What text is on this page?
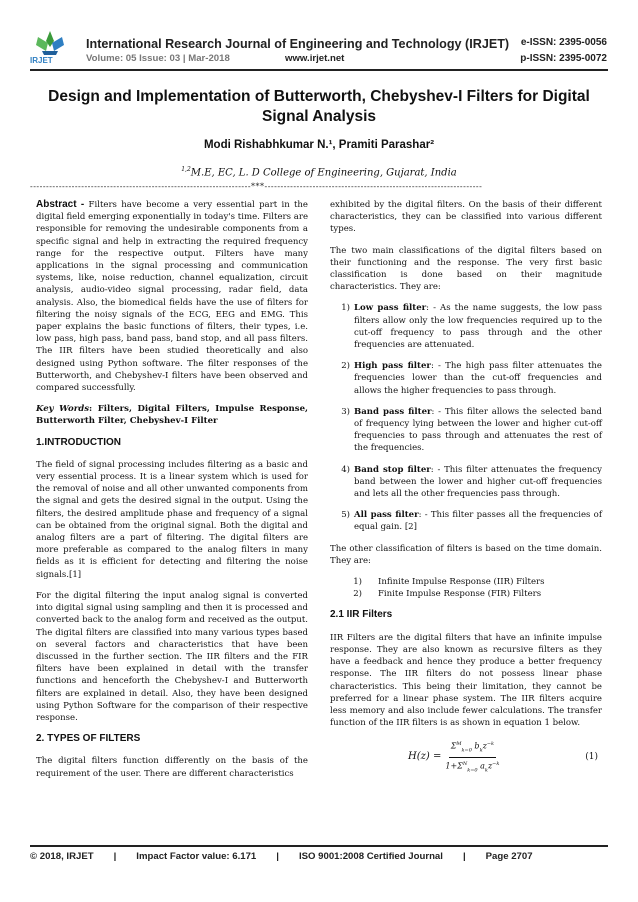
IRJET
International Research Journal of Engineering and Technology (IRJET)
Volume: 05 Issue: 03 | Mar-2018	www.irjet.net
e-ISSN: 2395-0056
p-ISSN: 2395-0072
Design and Implementation of Butterworth, Chebyshev-I Filters for Digital Signal Analysis
Modi Rishabhkumar N.¹, Pramiti Parashar²
$^{1,2}$M.E, EC, L. D College of Engineering, Gujarat, India
---------------------------------------------------------------------***--------------------------------------------------------------------

Abstract - Filters have become a very essential part in the digital field emerging exponentially in today's time. Filters are responsible for removing the undesirable components from a specific signal and help in extracting the required frequency range for the respective output. Filters have many applications in the signal processing and communication systems, like, noise reduction, channel equalization, circuit analysis, audio-video signal processing, radar field, data analysis. Also, the biomedical fields have the use of filters for filtering the noisy signals of the ECG, EEG and EMG. This paper explains the basic functions of filters, their types, i.e. low pass, high pass, band pass, band stop, and all pass filters. The IIR filters have been studied theoretically and also designed using Python software. The filter responses of the Butterworth, and Chebyshev-I filters have been observed and compared successfully.

Key Words: Filters, Digital Filters, Impulse Response, Butterworth Filter, Chebyshev-I Filter

1.INTRODUCTION

The field of signal processing includes filtering as a basic and very essential process. It is a linear system which is used for the removal of noise and all other unwanted components from the signal and gets the desired signal in the output. Using the filters, the desired amplitude phase and frequency of a signal can be obtained from the original signal. Both the digital and analog filters are a part of filtering. The digital filters are more preferable as compared to the analog filters in many fields as it is efficient for detecting and filtering the noise signals.[1]

For the digital filtering the input analog signal is converted into digital signal using sampling and then it is processed and converted back to the analog form and received as the output. The digital filters are classified into many various types based on several factors and characteristics that have been discussed in the further section. The IIR filters and the FIR filters have been explained in detail with the transfer functions and henceforth the Chebyshev-I and Butterworth filters are explained in detail. Also, they have been designed using Python Software for the comparison of their respective response.

2. TYPES OF FILTERS

The digital filters function differently on the basis of the requirement of the user. There are different characteristics

exhibited by the digital filters. On the basis of their different characteristics, they can be classified into various different types.

The two main classifications of the digital filters based on their functioning and the response. The very first basic classification is done based on their magnitude characteristics. They are:

1) Low pass filter: - As the name suggests, the low pass filters allow only the low frequencies required up to the cut-off frequency to pass through and the other frequencies are attenuated.
2) High pass filter: - The high pass filter attenuates the frequencies lower than the cut-off frequencies and allows the higher frequencies to pass through.
3) Band pass filter: - This filter allows the selected band of frequency lying between the lower and higher cut-off frequencies to pass through and attenuates the rest of the frequencies.
4) Band stop filter: - This filter attenuates the frequency band between the lower and higher cut-off frequencies and lets all the other frequencies pass through.
5) All pass filter: - This filter passes all the frequencies of equal gain. [2]

The other classification of filters is based on the time domain. They are:

1)	Infinite Impulse Response (IIR) Filters
2)	Finite Impulse Response (FIR) Filters
2.1 IIR Filters

IIR Filters are the digital filters that have an infinite impulse response. They are also known as recursive filters as they have a feedback and hence they produce a better frequency response. The IIR filters do not possess linear phase characteristics. This being their limitation, they cannot be preferred for a linear phase system. The IIR filters acquire less memory and also include fewer calculations. The transfer function of the IIR filters is as shown in equation 1 below.

$H(z) = \frac{\Sigma^M_{k=0} b_kz^{-k}}{1+\Sigma^N_{k=0} a_kz^{-k}}$	(1)
© 2018, IRJET | Impact Factor value: 6.171 | ISO 9001:2008 Certified Journal | Page 2707
